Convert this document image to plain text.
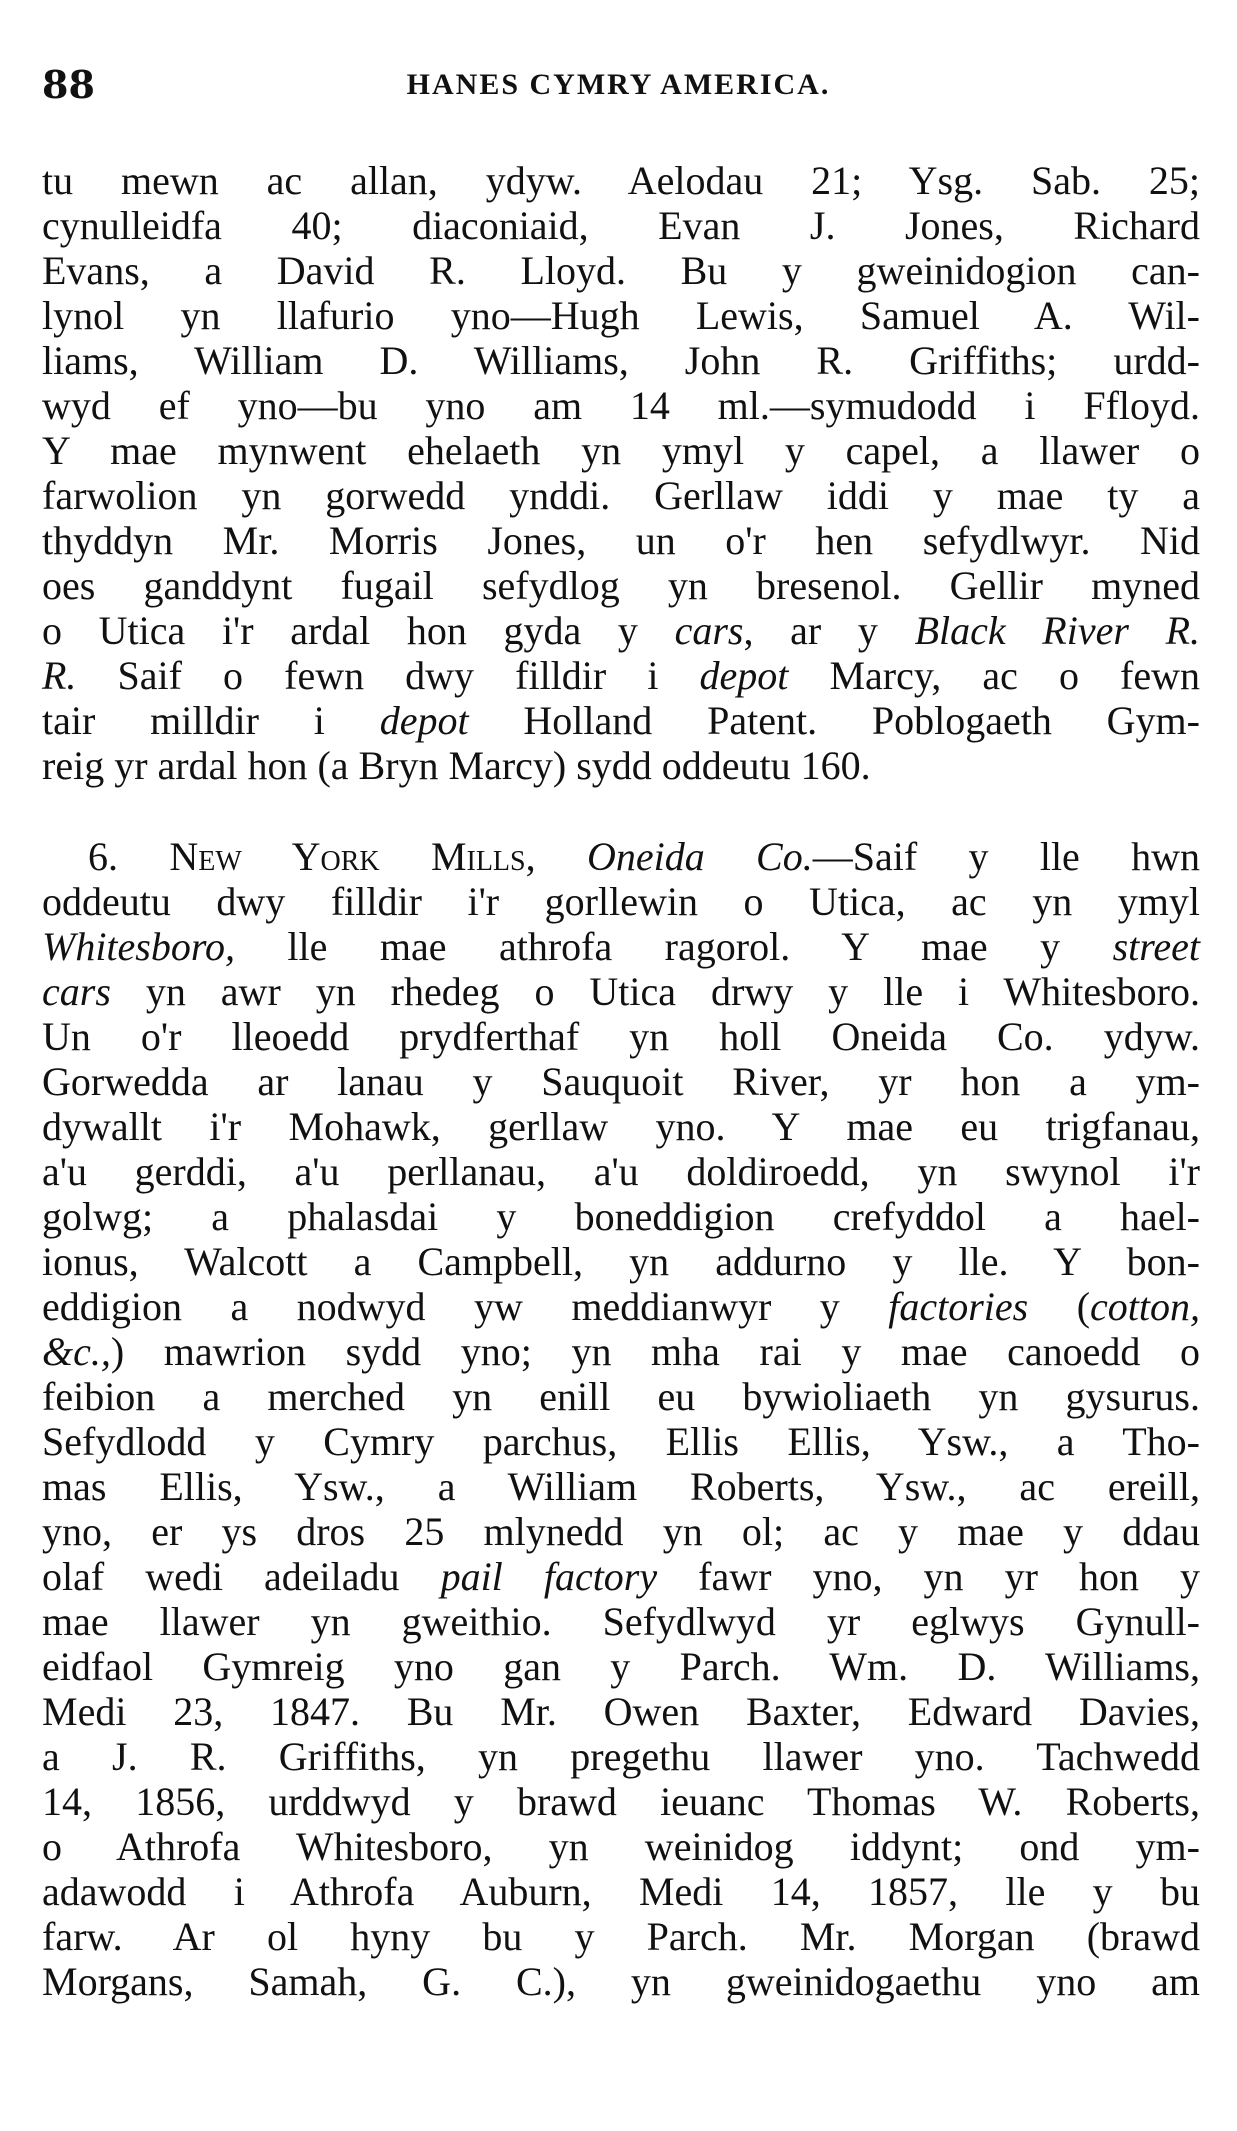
88	HANES CYMRY AMERICA.
tu mewn ac allan, ydyw. Aelodau 21; Ysg. Sab. 25;
cynulleidfa 40; diaconiaid, Evan J. Jones, Richard
Evans, a David R. Lloyd. Bu y gweinidogion can-
lynol yn llafurio yno—Hugh Lewis, Samuel A. Wil-
liams, William D. Williams, John R. Griffiths; urdd-
wyd ef yno—bu yno am 14 ml.—symudodd i Ffloyd.
Y mae mynwent ehelaeth yn ymyl y capel, a llawer o
farwolion yn gorwedd ynddi. Gerllaw iddi y mae ty a
thyddyn Mr. Morris Jones, un o'r hen sefydlwyr. Nid
oes ganddynt fugail sefydlog yn bresenol. Gellir myned
o Utica i'r ardal hon gyda y cars, ar y Black River R.
R. Saif o fewn dwy filldir i depot Marcy, ac o fewn
tair milldir i depot Holland Patent. Poblogaeth Gym-
reig yr ardal hon (a Bryn Marcy) sydd oddeutu 160.
6. New York Mills, Oneida Co.—Saif y lle hwn
oddeutu dwy filldir i'r gorllewin o Utica, ac yn ymyl
Whitesboro, lle mae athrofa ragorol. Y mae y street
cars yn awr yn rhedeg o Utica drwy y lle i Whitesboro.
Un o'r lleoedd prydferthaf yn holl Oneida Co. ydyw.
Gorwedda ar lanau y Sauquoit River, yr hon a ym-
dywallt i'r Mohawk, gerllaw yno. Y mae eu trigfanau,
a'u gerddi, a'u perllanau, a'u doldiroedd, yn swynol i'r
golwg; a phalasdai y boneddigion crefyddol a hael-
ionus, Walcott a Campbell, yn addurno y lle. Y bon-
eddigion a nodwyd yw meddianwyr y factories (cotton,
&c.,) mawrion sydd yno; yn mha rai y mae canoedd o
feibion a merched yn enill eu bywioliaeth yn gysurus.
Sefydlodd y Cymry parchus, Ellis Ellis, Ysw., a Tho-
mas Ellis, Ysw., a William Roberts, Ysw., ac ereill,
yno, er ys dros 25 mlynedd yn ol; ac y mae y ddau
olaf wedi adeiladu pail factory fawr yno, yn yr hon y
mae llawer yn gweithio. Sefydlwyd yr eglwys Gynull-
eidfaol Gymreig yno gan y Parch. Wm. D. Williams,
Medi 23, 1847. Bu Mr. Owen Baxter, Edward Davies,
a J. R. Griffiths, yn pregethu llawer yno. Tachwedd
14, 1856, urddwyd y brawd ieuanc Thomas W. Roberts,
o Athrofa Whitesboro, yn weinidog iddynt; ond ym-
adawodd i Athrofa Auburn, Medi 14, 1857, lle y bu
farw. Ar ol hyny bu y Parch. Mr. Morgan (brawd
Morgans, Samah, G. C.), yn gweinidogaethu yno am
